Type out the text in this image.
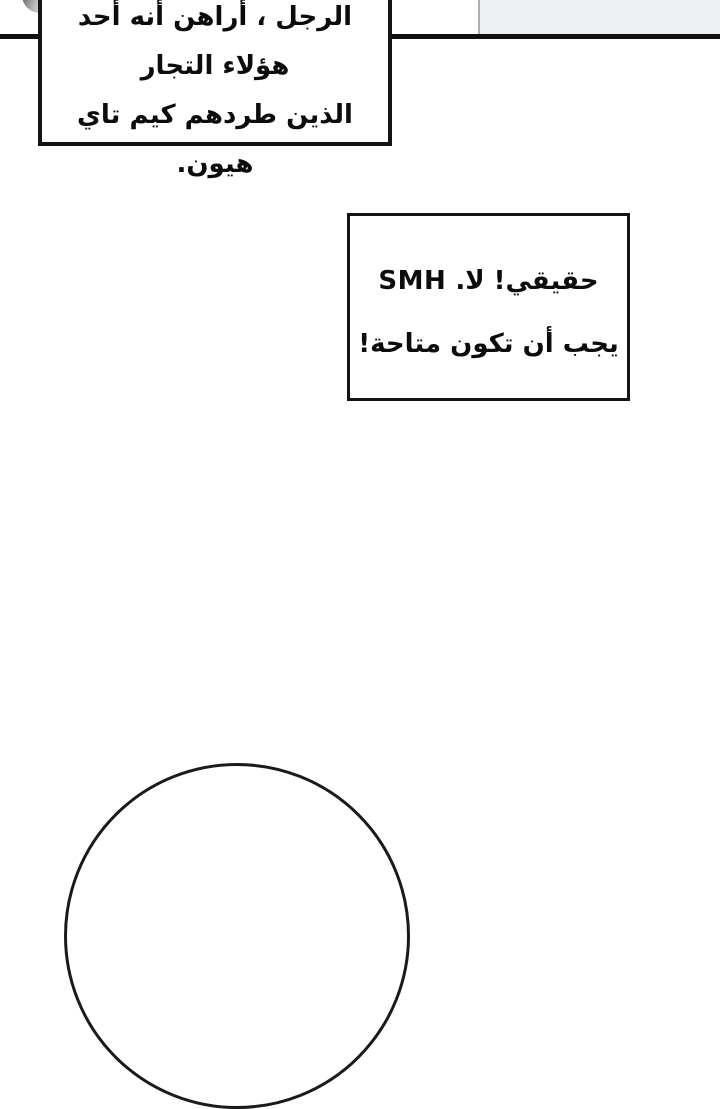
الرجل ، أراهن أنه أحد هؤلاء التجار
الذين طردهم كيم تاي هيون.
حقيقي! لا. SMH
يجب أن تكون متاحة!
